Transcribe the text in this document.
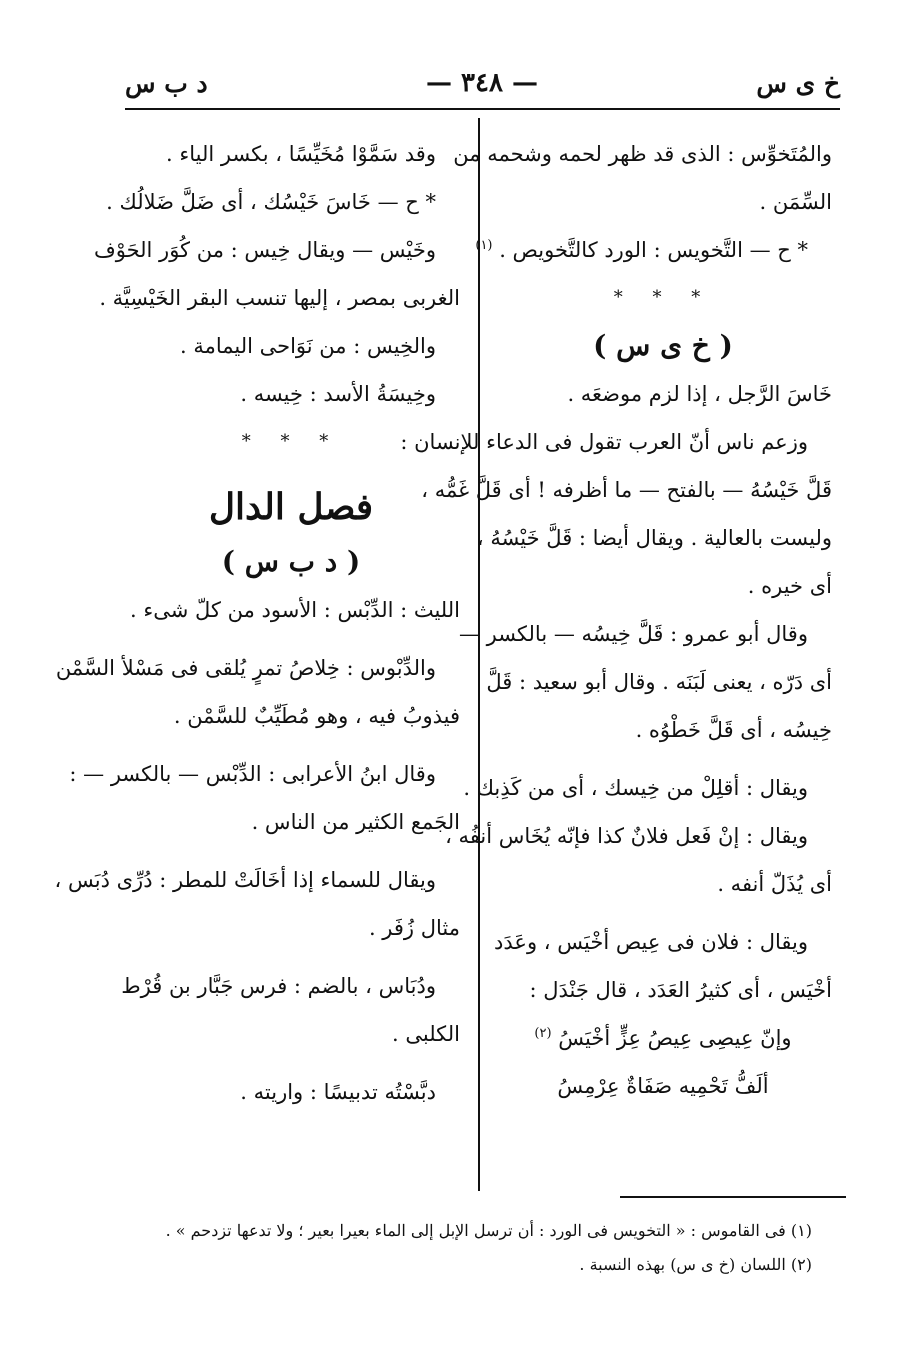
خ ى س
— ٣٤٨ —
د ب س
والمُتَخوِّس : الذى قد ظهر لحمه وشحمه من
السِّمَن .
* ح — التَّخويس : الورد كالتَّخويص . $^{(١)}$
* * *
( خ ى س )
خَاسَ الرَّجل ، إذا لزم موضعَه .
وزعم ناس أنّ العرب تقول فى الدعاء للإنسان :
قَلَّ خَيْسُهُ — بالفتح — ما أظرفه ! أى قَلَّ غَمُّه ،
وليست بالعالية . ويقال أيضا : قَلَّ خَيْسُهُ ،
أى خيره .
وقال أبو عمرو : قَلَّ خِيسُه — بالكسر —
أى دَرّه ، يعنى لَبَنَه . وقال أبو سعيد : قَلَّ
خِيسُه ، أى قَلَّ خَطْوُه .
ويقال : أقلِلْ من خِيسك ، أى من كَذِبك .
ويقال : إنْ فَعل فلانٌ كذا فإنّه يُخَاس أنفُه ،
أى يُذَلّ أنفه .
ويقال : فلان فى عِيص أخْيَس ، وعَدَد
أخْيَس ، أى كثيرُ العَدَد ، قال جَنْدَل :
وإنّ عِيصِى عِيصُ عِزٍّ أخْيَسُ $^{(٢)}$
ألَفُّ تَحْمِيه صَفَاةٌ عِرْمِسُ
وقد سَمَّوْا مُخَيِّسًا ، بكسر الياء .
* ح — خَاسَ خَيْسُك ، أى ضَلَّ ضَلالُك .
وخَيْس — ويقال خِيس : من كُوَر الحَوْف
الغربى بمصر ، إليها تنسب البقر الخَيْسِيَّة .
والخِيس : من نَوَاحى اليمامة .
وخِيسَةُ الأسد : خِيسه .
* * *
فصل الدال
( د ب س )
الليث : الدِّبْس : الأسود من كلّ شىء .
والدِّبْوس : خِلاصُ تمرٍ يُلقى فى مَسْلأ السَّمْن
فيذوبُ فيه ، وهو مُطَيِّبٌ للسَّمْن .
وقال ابنُ الأعرابى : الدِّبْس — بالكسر — :
الجَمع الكثير من الناس .
ويقال للسماء إذا أخَالَتْ للمطر : دُرِّى دُبَس ،
مثال زُفَر .
ودُبَاس ، بالضم : فرس جَبَّار بن قُرْط
الكلبى .
دبَّسْتُه تدبيسًا : واريته .
(١) فى القاموس : « التخويس فى الورد : أن ترسل الإبل إلى الماء بعيرا بعير ؛ ولا تدعها تزدحم » .
(٢) اللسان (خ ى س) بهذه النسبة .
